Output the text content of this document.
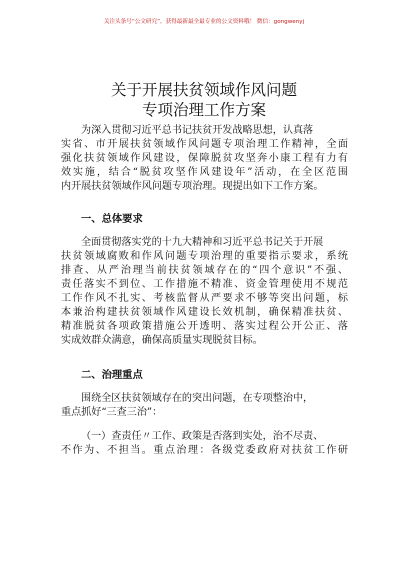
关注头条号“公文研究”，获得最新最全最专业的公文资料哦！ 微信：gongwenyj
关于开展扶贫领域作风问题
专项治理工作方案
为深入贯彻习近平总书记扶贫开发战略思想，认真落
实省、市开展扶贫领域作风问题专项治理工作精神，全面
强化扶贫领域作风建设，保障脱贫攻坚奔小康工程有力有
效实施，结合“脱贫攻坚作风建设年”活动，在全区范围
内开展扶贫领域作风问题专项治理。现提出如下工作方案。
一、总体要求
全面贯彻落实党的十九大精神和习近平总书记关于开展
扶贫领域腐败和作风问题专项治理的重要指示要求，系统
排查、从严治理当前扶贫领域存在的“四个意识”不强、
责任落实不到位、工作措施不精准、资金管理使用不规范
工作作风不扎实、考核监督从严要求不够等突出问题，标
本兼治构建扶贫领域作风建设长效机制，确保精准扶贫、
精准脱贫各项政策措施公开透明、落实过程公开公正、落
实成效群众满意，确保高质量实现脱贫目标。
二、治理重点
围绕全区扶贫领域存在的突出问题，在专项整治中，
重点抓好“三查三治”：
（一）查责任〃工作、政策是否落到实处，治不尽责、
不作为、不担当。重点治理：各级党委政府对扶贫工作研
